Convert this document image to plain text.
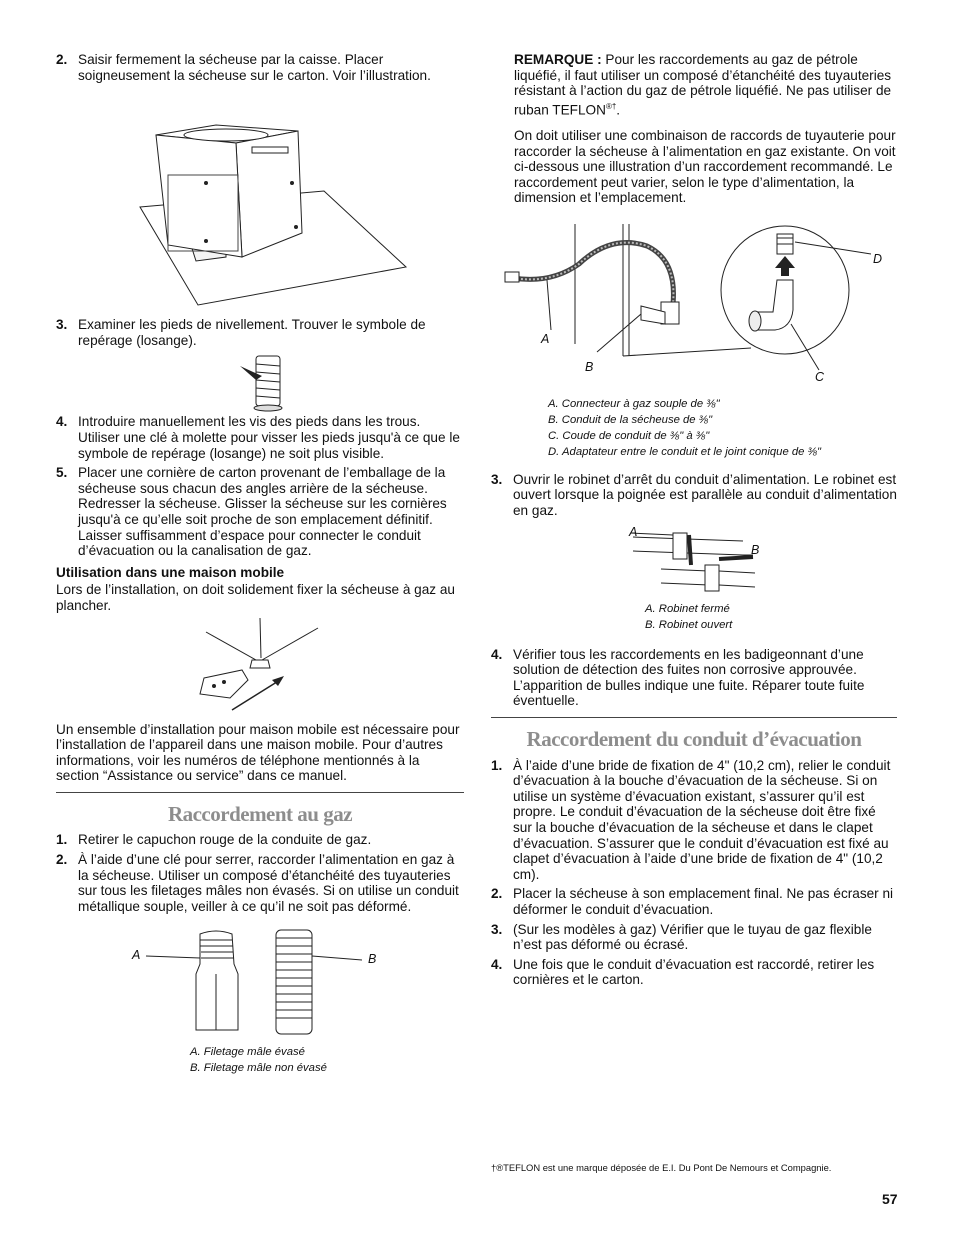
2. Saisir fermement la sécheuse par la caisse. Placer soigneusement la sécheuse sur le carton. Voir l’illustration.
3. Examiner les pieds de nivellement. Trouver le symbole de repérage (losange).
4. Introduire manuellement les vis des pieds dans les trous. Utiliser une clé à molette pour visser les pieds jusqu'à ce que le symbole de repérage (losange) ne soit plus visible.
5. Placer une cornière de carton provenant de l’emballage de la sécheuse sous chacun des angles arrière de la sécheuse. Redresser la sécheuse. Glisser la sécheuse sur les cornières jusqu'à ce qu’elle soit proche de son emplacement définitif. Laisser suffisamment d’espace pour connecter le conduit d’évacuation ou la canalisation de gaz.
Utilisation dans une maison mobile

Lors de l’installation, on doit solidement fixer la sécheuse à gaz au plancher.

Un ensemble d’installation pour maison mobile est nécessaire pour l’installation de l’appareil dans une maison mobile. Pour d’autres informations, voir les numéros de téléphone mentionnés à la section “Assistance ou service” dans ce manuel.

Raccordement au gaz
1. Retirer le capuchon rouge de la conduite de gaz.
2. À l’aide d’une clé pour serrer, raccorder l’alimentation en gaz à la sécheuse. Utiliser un composé d’étanchéité des tuyauteries sur tous les filetages mâles non évasés. Si on utilise un conduit métallique souple, veiller à ce qu’il ne soit pas déformé.
A	B
A. Filetage mâle évasé
B. Filetage mâle non évasé

REMARQUE : Pour les raccordements au gaz de pétrole liquéfié, il faut utiliser un composé d’étanchéité des tuyauteries résistant à l’action du gaz de pétrole liquéfié. Ne pas utiliser de ruban TEFLON®†.

On doit utiliser une combinaison de raccords de tuyauterie pour raccorder la sécheuse à l’alimentation en gaz existante. On voit ci-dessous une illustration d’un raccordement recommandé. Le raccordement peut varier, selon le type d’alimentation, la dimension et l’emplacement.

A
B
C
D
A. Connecteur à gaz souple de ⅜"
B. Conduit de la sécheuse de ⅜"
C. Coude de conduit de ⅜" à ⅜"
D. Adaptateur entre le conduit et le joint conique de ⅜"
3. Ouvrir le robinet d’arrêt du conduit d’alimentation. Le robinet est ouvert lorsque la poignée est parallèle au conduit d’alimentation en gaz.
A
B
A. Robinet fermé
B. Robinet ouvert
4. Vérifier tous les raccordements en les badigeonnant d’une solution de détection des fuites non corrosive approuvée. L’apparition de bulles indique une fuite. Réparer toute fuite éventuelle.
Raccordement du conduit d’évacuation
1. À l’aide d’une bride de fixation de 4" (10,2 cm), relier le conduit d’évacuation à la bouche d’évacuation de la sécheuse. Si on utilise un système d’évacuation existant, s’assurer qu’il est propre. Le conduit d’évacuation de la sécheuse doit être fixé sur la bouche d’évacuation de la sécheuse et dans le clapet d’évacuation. S’assurer que le conduit d’évacuation est fixé au clapet d’évacuation à l’aide d’une bride de fixation de 4" (10,2 cm).
2. Placer la sécheuse à son emplacement final. Ne pas écraser ni déformer le conduit d’évacuation.
3. (Sur les modèles à gaz) Vérifier que le tuyau de gaz flexible n’est pas déformé ou écrasé.
4. Une fois que le conduit d’évacuation est raccordé, retirer les cornières et le carton.
†®TEFLON est une marque déposée de E.I. Du Pont De Nemours et Compagnie.
57
